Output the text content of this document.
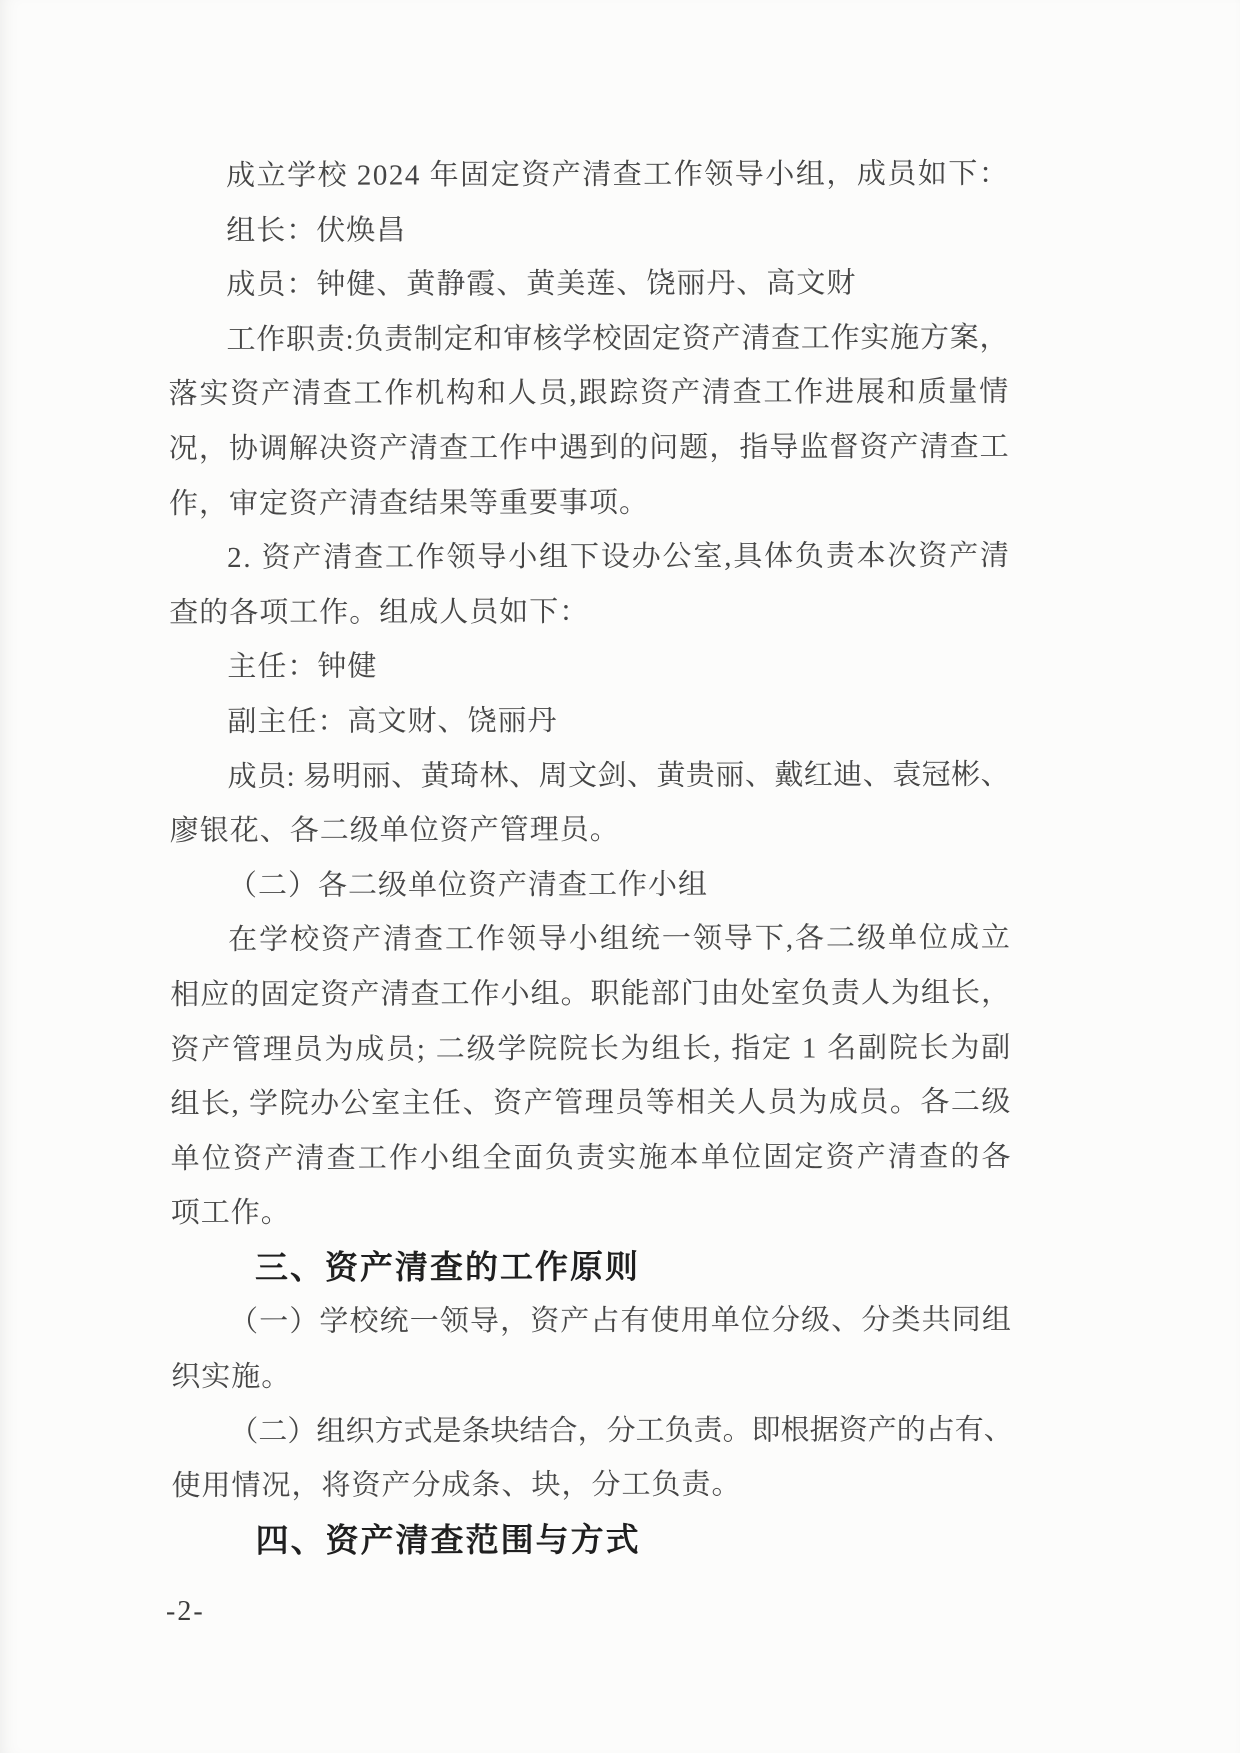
成 立 学 校
2 0 2 4
年 固 定 资 产 清 查 工 作 领 导 小 组 ， 成 员 如 下 ：
组长：伏焕昌
成员：钟健、黄静霞、黄美莲、饶丽丹、高文财
工 作 职 责 : 负 责 制 定 和 审 核 学 校 固 定 资 产 清 查 工 作 实 施 方 案 ，
落 实 资 产 清 查 工 作 机 构 和 人 员 , 跟 踪 资 产 清 查 工 作 进 展 和 质 量 情
况 ， 协 调 解 决 资 产 清 查 工 作 中 遇 到 的 问 题 ， 指 导 监 督 资 产 清 查 工
作，审定资产清查结果等重要事项。
2 .
资 产 清 查 工 作 领 导 小 组 下 设 办 公 室 , 具 体 负 责 本 次 资 产 清
查的各项工作。组成人员如下：
主任：钟健
副主任：高文财、饶丽丹
成 员 :
易 明 丽 、 黄 琦 林 、 周 文 剑 、 黄 贵 丽 、 戴 红 迪 、 袁 冠 彬 、
廖银花、各二级单位资产管理员。
（二）各二级单位资产清查工作小组
在 学 校 资 产 清 查 工 作 领 导 小 组 统 一 领 导 下 , 各 二 级 单 位 成 立
相 应 的 固 定 资 产 清 查 工 作 小 组 。 职 能 部 门 由 处 室 负 责 人 为 组 长 ，
资 产 管 理 员 为 成 员 ;
二 级 学 院 院 长 为 组 长 ,
指 定
1
名 副 院 长 为 副
组 长 ,
学 院 办 公 室 主 任 、 资 产 管 理 员 等 相 关 人 员 为 成 员 。 各 二 级
单 位 资 产 清 查 工 作 小 组 全 面 负 责 实 施 本 单 位 固 定 资 产 清 查 的 各
项工作。
三、资产清查的工作原则
（ 一 ） 学 校 统 一 领 导 ， 资 产 占 有 使 用 单 位 分 级 、 分 类 共 同 组
织实施。
（ 二 ） 组 织 方 式 是 条 块 结 合 ， 分 工 负 责 。 即 根 据 资 产 的 占 有 、
使用情况，将资产分成条、块，分工负责。
四、资产清查范围与方式
-2-
